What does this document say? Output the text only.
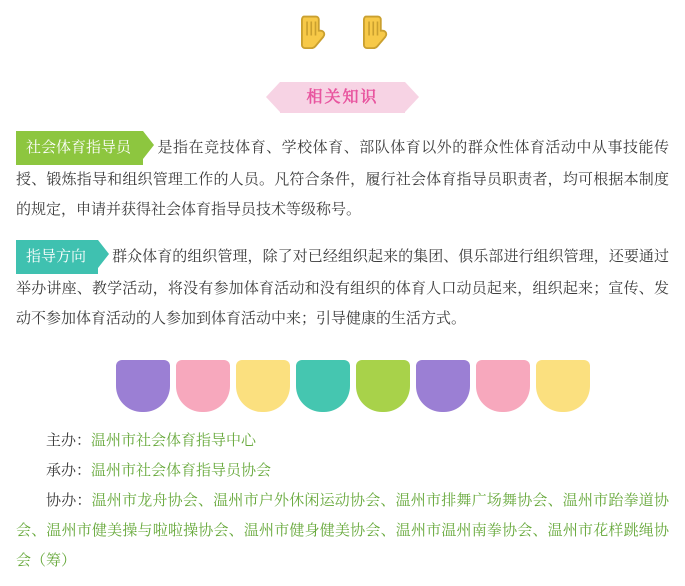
相关知识

社会体育指导员 是指在竞技体育、学校体育、部队体育以外的群众性体育活动中从事技能传授、锻炼指导和组织管理工作的人员。凡符合条件，履行社会体育指导员职责者，均可根据本制度的规定，申请并获得社会体育指导员技术等级称号。

指导方向 群众体育的组织管理，除了对已经组织起来的集团、俱乐部进行组织管理，还要通过举办讲座、教学活动，将没有参加体育活动和没有组织的体育人口动员起来，组织起来；宣传、发动不参加体育活动的人参加到体育活动中来；引导健康的生活方式。

主办：温州市社会体育指导中心
承办：温州市社会体育指导员协会
协办：温州市龙舟协会、温州市户外休闲运动协会、温州市排舞广场舞协会、温州市跆拳道协会、温州市健美操与啦啦操协会、温州市健身健美协会、温州市温州南拳协会、温州市花样跳绳协会（筹）
